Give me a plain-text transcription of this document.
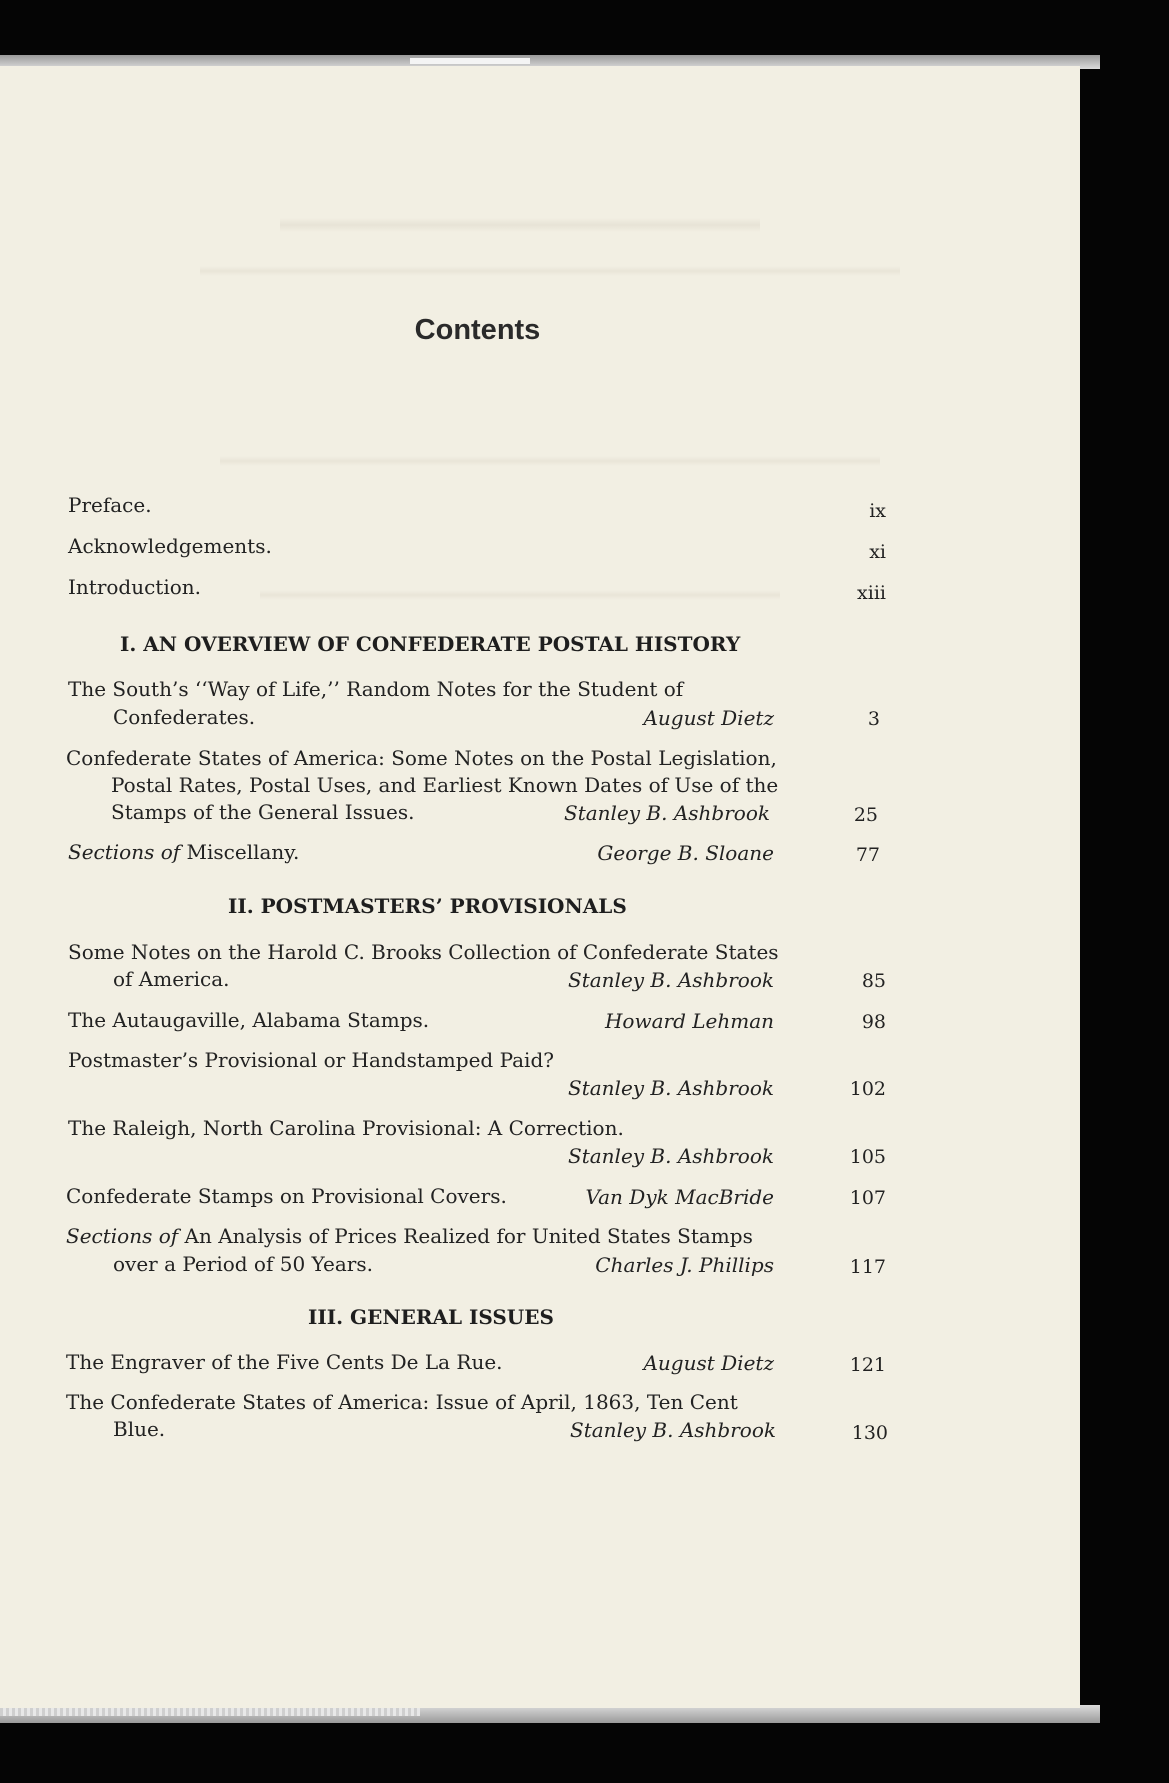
Contents
Preface.	ix
Acknowledgements.	xi
Introduction.	xiii
I. AN OVERVIEW OF CONFEDERATE POSTAL HISTORY
The South’s ‘‘Way of Life,’’ Random Notes for the Student of
Confederates.	August Dietz	3
Confederate States of America: Some Notes on the Postal Legislation,
Postal Rates, Postal Uses, and Earliest Known Dates of Use of the
Stamps of the General Issues.	Stanley B. Ashbrook	25
Sections of Miscellany.	George B. Sloane	77
II. POSTMASTERS’ PROVISIONALS
Some Notes on the Harold C. Brooks Collection of Confederate States
of America.	Stanley B. Ashbrook	85
The Autaugaville, Alabama Stamps.	Howard Lehman	98
Postmaster’s Provisional or Handstamped Paid?
Stanley B. Ashbrook	102
The Raleigh, North Carolina Provisional: A Correction.
Stanley B. Ashbrook	105
Confederate Stamps on Provisional Covers.	Van Dyk MacBride	107
Sections of An Analysis of Prices Realized for United States Stamps
over a Period of 50 Years.	Charles J. Phillips	117
III. GENERAL ISSUES
The Engraver of the Five Cents De La Rue.	August Dietz	121
The Confederate States of America: Issue of April, 1863, Ten Cent
Blue.	Stanley B. Ashbrook	130
